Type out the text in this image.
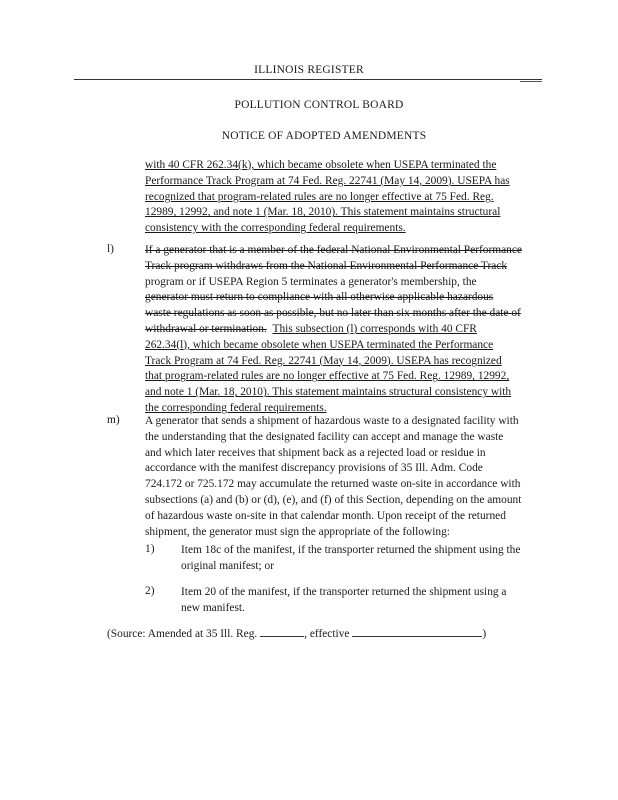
ILLINOIS REGISTER
POLLUTION CONTROL BOARD
NOTICE OF ADOPTED AMENDMENTS
with 40 CFR 262.34(k), which became obsolete when USEPA terminated the
Performance Track Program at 74 Fed. Reg. 22741 (May 14, 2009). USEPA has
recognized that program-related rules are no longer effective at 75 Fed. Reg.
12989, 12992, and note 1 (Mar. 18, 2010). This statement maintains structural
consistency with the corresponding federal requirements.
l)	If a generator that is a member of the federal National Environmental Performance
Track program withdraws from the National Environmental Performance Track
program or if USEPA Region 5 terminates a generator's membership, the
generator must return to compliance with all otherwise applicable hazardous
waste regulations as soon as possible, but no later than six months after the date of
withdrawal or termination. This subsection (l) corresponds with 40 CFR
262.34(l), which became obsolete when USEPA terminated the Performance
Track Program at 74 Fed. Reg. 22741 (May 14, 2009). USEPA has recognized
that program-related rules are no longer effective at 75 Fed. Reg. 12989, 12992,
and note 1 (Mar. 18, 2010). This statement maintains structural consistency with
the corresponding federal requirements.
m) A generator that sends a shipment of hazardous waste to a designated facility with
the understanding that the designated facility can accept and manage the waste
and which later receives that shipment back as a rejected load or residue in
accordance with the manifest discrepancy provisions of 35 Ill. Adm. Code
724.172 or 725.172 may accumulate the returned waste on-site in accordance with
subsections (a) and (b) or (d), (e), and (f) of this Section, depending on the amount
of hazardous waste on-site in that calendar month. Upon receipt of the returned
shipment, the generator must sign the appropriate of the following:
1) Item 18c of the manifest, if the transporter returned the shipment using the
original manifest; or
2) Item 20 of the manifest, if the transporter returned the shipment using a
new manifest.
(Source: Amended at 35 Ill. Reg.	, effective	)
